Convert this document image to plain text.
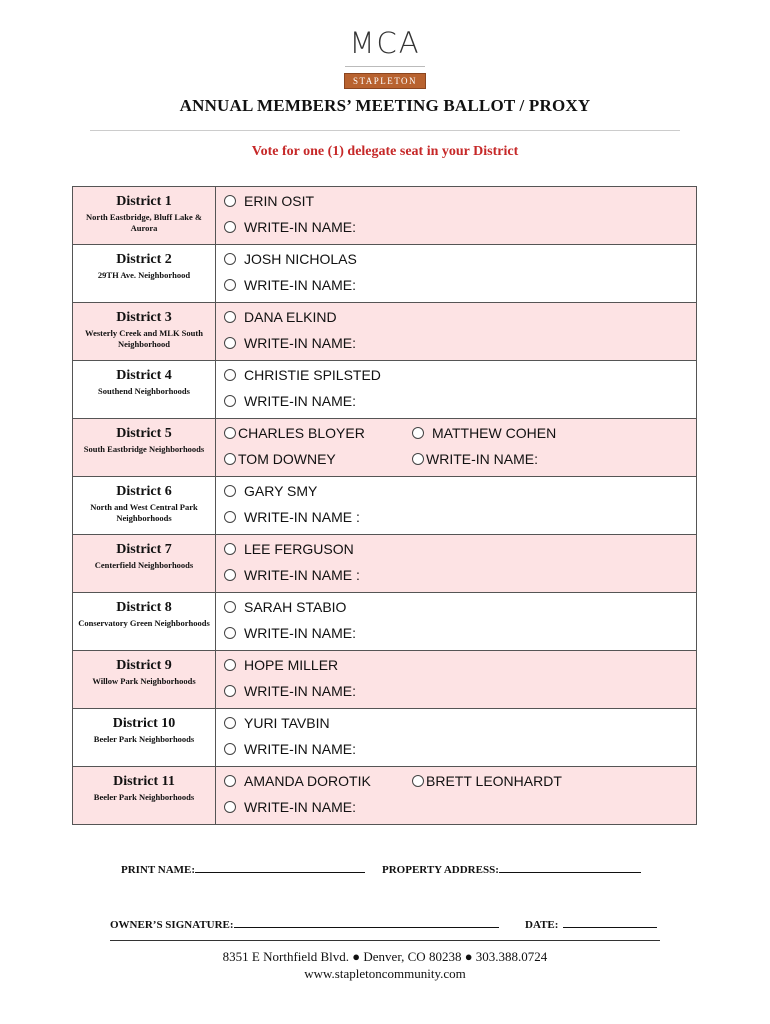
MCA
STAPLETON
ANNUAL MEMBERS’ MEETING BALLOT / PROXY
Vote for one (1) delegate seat in your District
District 1
North Eastbridge, Bluff Lake & Aurora
ERIN OSIT
WRITE-IN NAME:
District 2
29TH Ave. Neighborhood
JOSH NICHOLAS
WRITE-IN NAME:
District 3
Westerly Creek and MLK South Neighborhood
DANA ELKIND
WRITE-IN NAME:
District 4
Southend Neighborhoods
CHRISTIE SPILSTED
WRITE-IN NAME:
District 5
South Eastbridge Neighborhoods
CHARLES BLOYER	MATTHEW COHEN
TOM DOWNEY	WRITE-IN NAME:
District 6
North and West Central Park Neighborhoods
GARY SMY
WRITE-IN NAME :
District 7
Centerfield Neighborhoods
LEE FERGUSON
WRITE-IN NAME :
District 8
Conservatory Green Neighborhoods
SARAH STABIO
WRITE-IN NAME:
District 9
Willow Park Neighborhoods
HOPE MILLER
WRITE-IN NAME:
District 10
Beeler Park Neighborhoods
YURI TAVBIN
WRITE-IN NAME:
District 11
Beeler Park Neighborhoods
AMANDA DOROTIK	BRETT LEONHARDT
WRITE-IN NAME:
PRINT NAME:	PROPERTY ADDRESS:
OWNER’S SIGNATURE:	DATE:
8351 E Northfield Blvd. ● Denver, CO 80238 ● 303.388.0724
www.stapletoncommunity.com
